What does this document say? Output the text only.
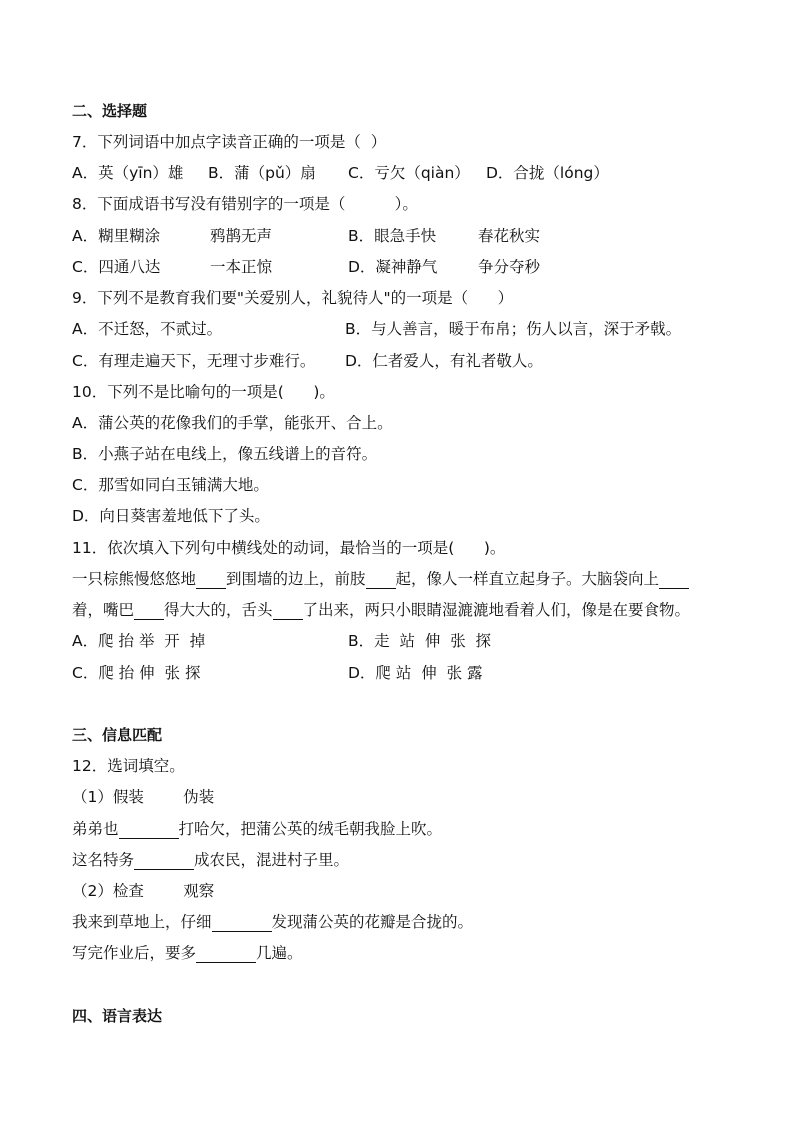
二、选择题
7．下列词语中加点字读音正确的一项是（  ）

A．英（yīn）雄

B．蒲（pǔ）扇

C．亏欠（qiàn）

D．合拢（lóng）

8．下面成语书写没有错别字的一项是（          ）。

A．糊里糊涂

	鸦鹊无声

	B．眼急手快

	春花秋实

C．四通八达

	一本正惊

	D．凝神静气

	争分夺秒

9．下列不是教育我们要"关爱别人，礼貌待人"的一项是（      ）

A．不迁怒，不贰过。

	B．与人善言，暖于布帛；伤人以言，深于矛戟。

C．有理走遍天下，无理寸步难行。

D．仁者爱人，有礼者敬人。

10．下列不是比喻句的一项是(      )。
A．蒲公英的花像我们的手掌，能张开、合上。
B．小燕子站在电线上，像五线谱上的音符。
C．那雪如同白玉铺满大地。
D．向日葵害羞地低下了头。
11．依次填入下列句中横线处的动词，最恰当的一项是(      )。
一只棕熊慢悠悠地 到围墙的边上，前肢 起，像人一样直立起身子。大脑袋向上
着，嘴巴 得大大的，舌头 了出来，两只小眼睛湿漉漉地看着人们，像是在要食物。

A．爬 抬 举  开  掉

	B．走  站  伸  张  探

C．爬 抬 伸  张 探

	D．爬 站  伸  张 露

三、信息匹配
12．选词填空。
（1）假装        伪装
弟弟也	打哈欠，把蒲公英的绒毛朝我脸上吹。
这名特务	成农民，混进村子里。
（2）检查        观察
我来到草地上，仔细	发现蒲公英的花瓣是合拢的。
写完作业后，要多	几遍。
四、语言表达
